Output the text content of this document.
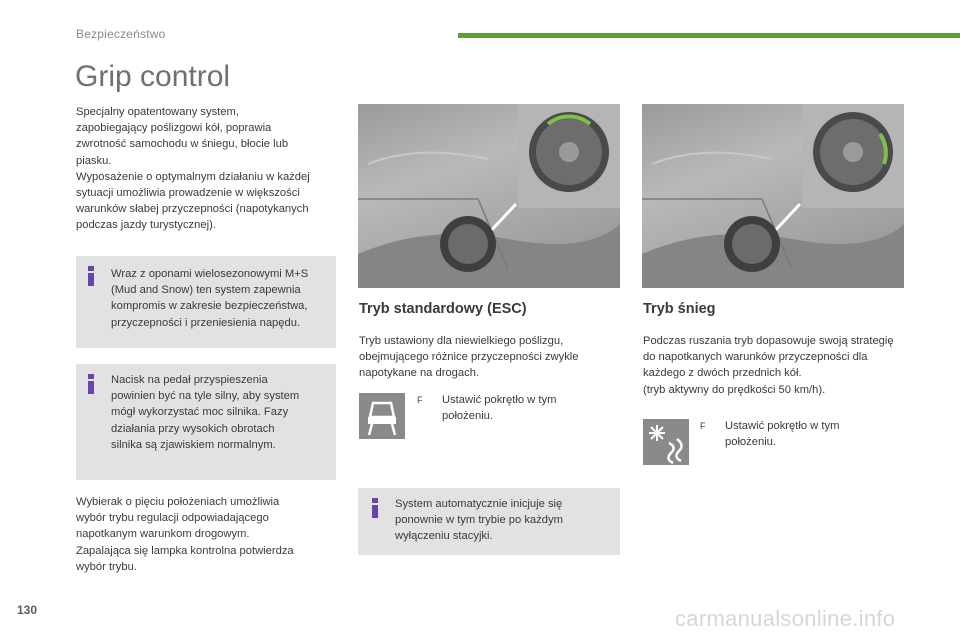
Bezpieczeństwo
Grip control

Specjalny opatentowany system,

zapobiegający poślizgowi kół, poprawia

zwrotność samochodu w śniegu, błocie lub

piasku.

Wyposażenie o optymalnym działaniu w każdej

sytuacji umożliwia prowadzenie w większości

warunków słabej przyczepności (napotykanych

podczas jazdy turystycznej).

Wraz z oponami wielosezonowymi M+S
(Mud and Snow) ten system zapewnia
kompromis w zakresie bezpieczeństwa,
przyczepności i przeniesienia napędu.
Nacisk na pedał przyspieszenia
powinien być na tyle silny, aby system
mógł wykorzystać moc silnika. Fazy
działania przy wysokich obrotach
silnika są zjawiskiem normalnym.

Wybierak o pięciu położeniach umożliwia

wybór trybu regulacji odpowiadającego

napotkanym warunkom drogowym.

Zapalająca się lampka kontrolna potwierdza

wybór trybu.

Tryb standardowy (ESC)

Tryb ustawiony dla niewielkiego poślizgu,

obejmującego różnice przyczepności zwykle

napotykane na drogach.

F Ustawić pokrętło w tym
położeniu.
System automatycznie inicjuje się
ponownie w tym trybie po każdym
wyłączeniu stacyjki.
Tryb śnieg

Podczas ruszania tryb dopasowuje swoją strategię

do napotkanych warunków przyczepności dla

każdego z dwóch przednich kół.

(tryb aktywny do prędkości 50 km/h).

F Ustawić pokrętło w tym
położeniu.
130	carmanualsonline.info
